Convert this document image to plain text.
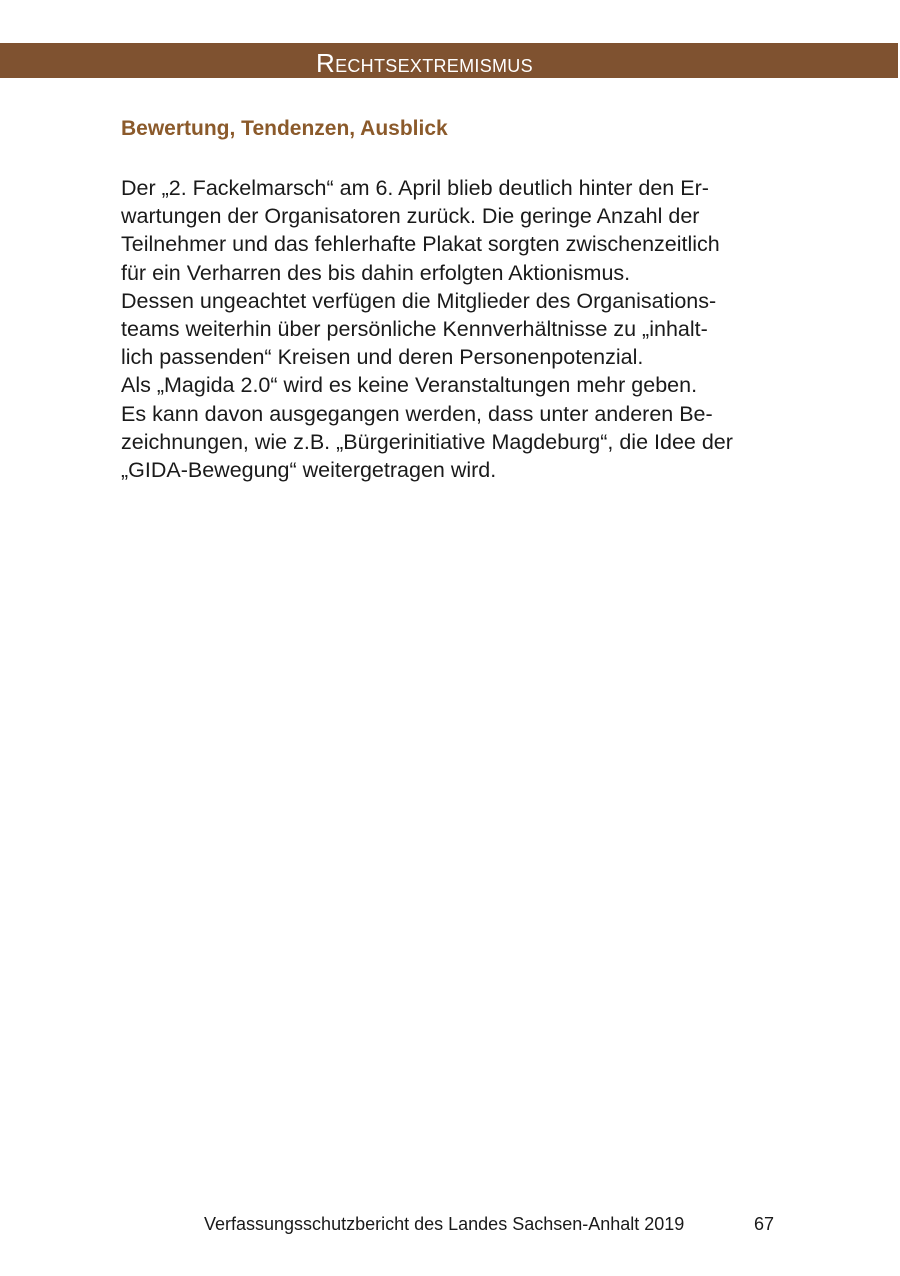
Rechtsextremismus
Bewertung, Tendenzen, Ausblick
Der „2. Fackelmarsch“ am 6. April blieb deutlich hinter den Er-
wartungen der Organisatoren zurück. Die geringe Anzahl der
Teilnehmer und das fehlerhafte Plakat sorgten zwischenzeitlich
für ein Verharren des bis dahin erfolgten Aktionismus.
Dessen ungeachtet verfügen die Mitglieder des Organisations-
teams weiterhin über persönliche Kennverhältnisse zu „inhalt-
lich passenden“ Kreisen und deren Personenpotenzial.
Als „Magida 2.0“ wird es keine Veranstaltungen mehr geben.
Es kann davon ausgegangen werden, dass unter anderen Be-
zeichnungen, wie z.B. „Bürgerinitiative Magdeburg“, die Idee der
„GIDA-Bewegung“ weitergetragen wird.
Verfassungsschutzbericht des Landes Sachsen-Anhalt 2019	67
